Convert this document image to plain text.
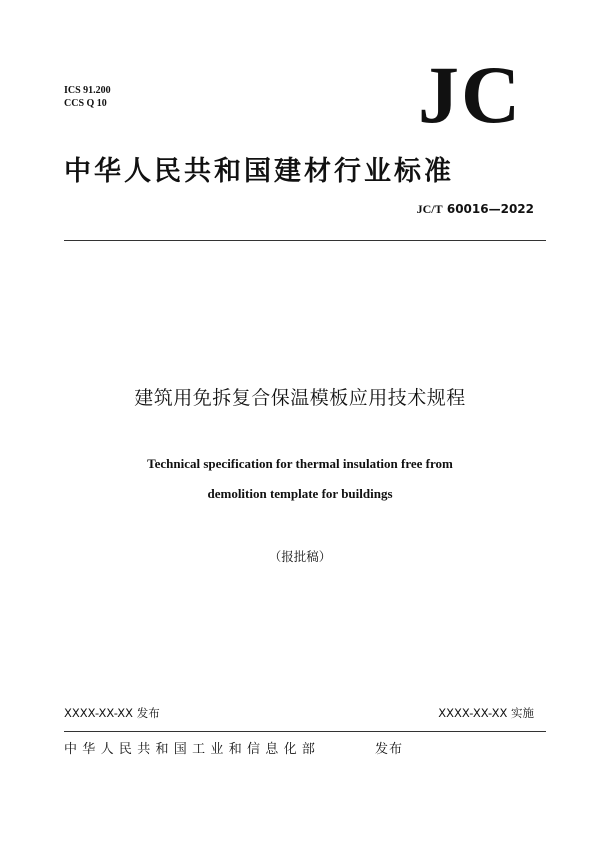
ICS 91.200
CCS Q 10	JC
中华人民共和国建材行业标准
JC/T 60016—2022
建筑用免拆复合保温模板应用技术规程
Technical specification for thermal insulation free from
demolition template for buildings
（报批稿）
XXXX-XX-XX 发布	XXXX-XX-XX 实施
中华人民共和国工业和信息化部	发布
